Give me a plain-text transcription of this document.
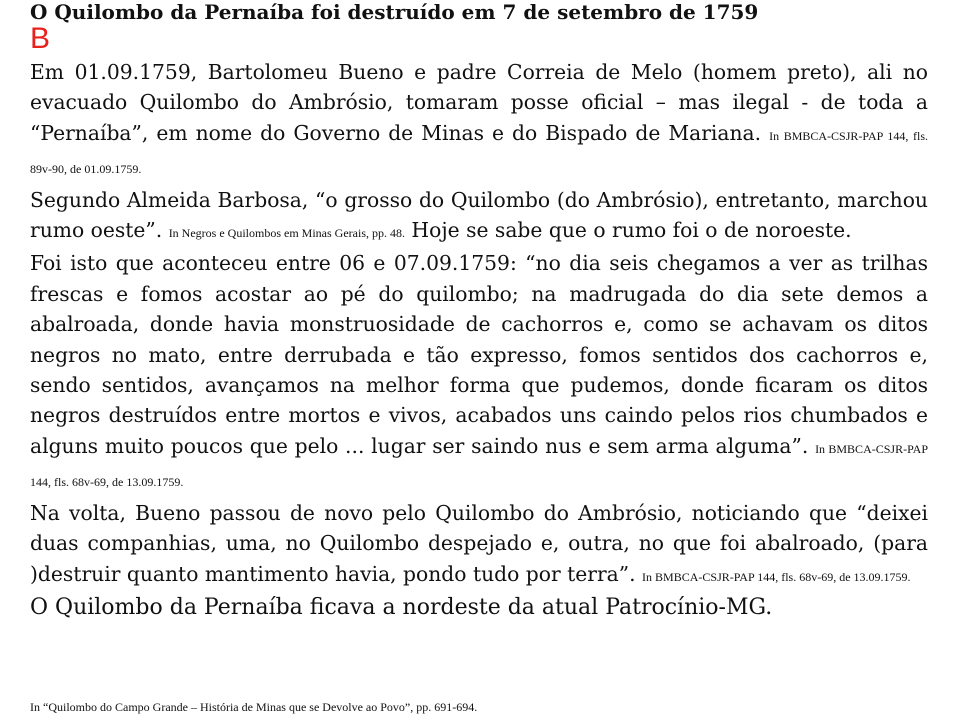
O Quilombo da Pernaíba foi destruído em 7 de setembro de 1759
B

Em 01.09.1759, Bartolomeu Bueno e padre Correia de Melo (homem preto), ali no evacuado Quilombo do Ambrósio, tomaram posse oficial – mas ilegal - de toda a “Pernaíba”, em nome do Governo de Minas e do Bispado de Mariana. In BMBCA-CSJR-PAP 144, fls. 89v-90, de 01.09.1759.

Segundo Almeida Barbosa, “o grosso do Quilombo (do Ambrósio), entretanto, marchou rumo oeste”. In Negros e Quilombos em Minas Gerais, pp. 48. Hoje se sabe que o rumo foi o de noroeste.

Foi isto que aconteceu entre 06 e 07.09.1759: “no dia seis chegamos a ver as trilhas frescas e fomos acostar ao pé do quilombo; na madrugada do dia sete demos a abalroada, donde havia monstruosidade de cachorros e, como se achavam os ditos negros no mato, entre derrubada e tão expresso, fomos sentidos dos cachorros e, sendo sentidos, avançamos na melhor forma que pudemos, donde ficaram os ditos negros destruídos entre mortos e vivos, acabados uns caindo pelos rios chumbados e alguns muito poucos que pelo ... lugar ser saindo nus e sem arma alguma”. In BMBCA-CSJR-PAP 144, fls. 68v-69, de 13.09.1759.

Na volta, Bueno passou de novo pelo Quilombo do Ambrósio, noticiando que “deixei duas companhias, uma, no Quilombo despejado e, outra, no que foi abalroado, (para )destruir quanto mantimento havia, pondo tudo por terra”. In BMBCA-CSJR-PAP 144, fls. 68v-69, de 13.09.1759.

O Quilombo da Pernaíba ficava a nordeste da atual Patrocínio-MG.

In “Quilombo do Campo Grande – História de Minas que se Devolve ao Povo”, pp. 691-694.
